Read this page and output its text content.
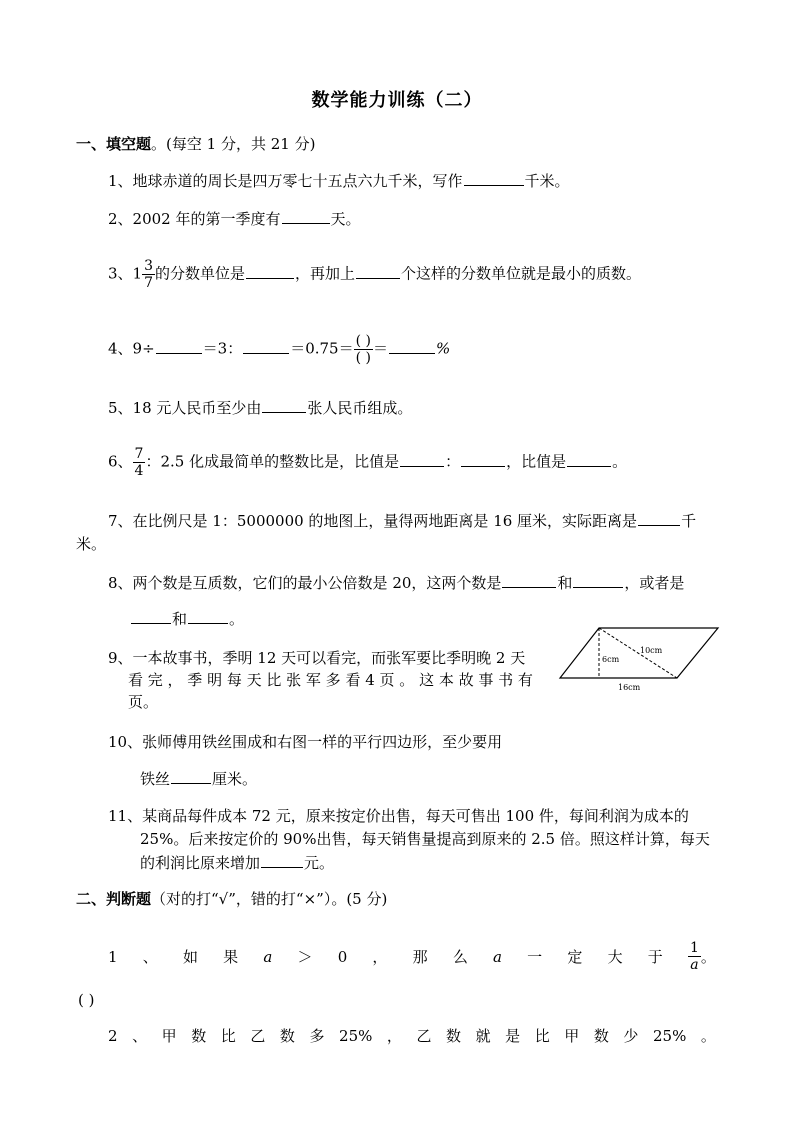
数学能力训练（二）
一、填空题。(每空 1 分，共 21 分)
1、地球赤道的周长是四万零七十五点六九千米，写作	千米。
2、2002 年的第一季度有	天。
3、$1 \frac{3}{7}$ 的分数单位是	，再加上	个这样的分数单位就是最小的质数。
4、9÷	＝3：	$=0.75= \frac{( )}{( )}$ ＝	%
5、18 元人民币至少由	张人民币组成。
6、 $\frac{7}{4}$ ：2.5 化成最简单的整数比是，比值是	：	，比值是	。
7、在比例尺是 1：5000000 的地图上，量得两地距离是 16 厘米，实际距离是	千
米。
8、两个数是互质数，它们的最小公倍数是 20，这两个数是	和	，或者是
和	。
9、一本故事书，季明 12 天可以看完，而张军要比季明晚 2 天
看 完 ， 季 明 每 天 比 张 军 多 看 4 页 。 这 本 故 事 书 有
页。
6cm
10cm
16cm
10、张师傅用铁丝围成和右图一样的平行四边形，至少要用
铁丝	厘米。
11、某商品每件成本 72 元，原来按定价出售，每天可售出 100 件，每间利润为成本的
25%。后来按定价的 90%出售，每天销售量提高到原来的 2.5 倍。照这样计算，每天
的利润比原来增加	元。
二、判断题（对的打“√”，错的打“×”）。(5 分)
1 、 如 果 a ＞ 0 ， 那 么 a 一 定 大 于 $\frac{1}{a}$ 。
( )
2 、 甲 数 比 乙 数 多 25% ， 乙 数 就 是 比 甲 数 少 25% 。
